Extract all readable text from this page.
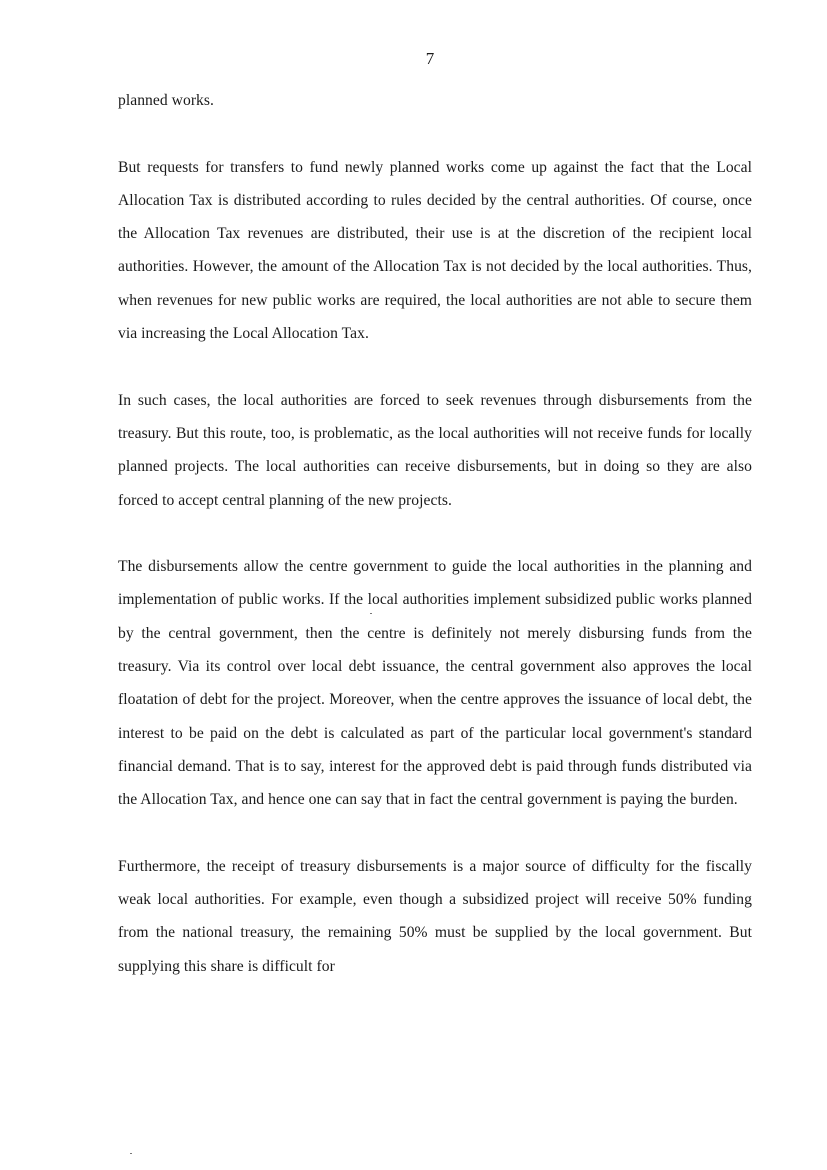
7

planned works.

But requests for transfers to fund newly planned works come up against the fact that the Local Allocation Tax is distributed according to rules decided by the central authorities. Of course, once the Allocation Tax revenues are distributed, their use is at the discretion of the recipient local authorities. However, the amount of the Allocation Tax is not decided by the local authorities. Thus, when revenues for new public works are required, the local authorities are not able to secure them via increasing the Local Allocation Tax.

In such cases, the local authorities are forced to seek revenues through disbursements from the treasury. But this route, too, is problematic, as the local authorities will not receive funds for locally planned projects. The local authorities can receive disbursements, but in doing so they are also forced to accept central planning of the new projects.

The disbursements allow the centre government to guide the local authorities in the planning and implementation of public works. If the local authorities implement subsidized public works planned by the central government, then the centre is definitely not merely disbursing funds from the treasury. Via its control over local debt issuance, the central government also approves the local floatation of debt for the project. Moreover, when the centre approves the issuance of local debt, the interest to be paid on the debt is calculated as part of the particular local government's standard financial demand. That is to say, interest for the approved debt is paid through funds distributed via the Allocation Tax, and hence one can say that in fact the central government is paying the burden.

Furthermore, the receipt of treasury disbursements is a major source of difficulty for the fiscally weak local authorities. For example, even though a subsidized project will receive 50% funding from the national treasury, the remaining 50% must be supplied by the local government. But supplying this share is difficult for
